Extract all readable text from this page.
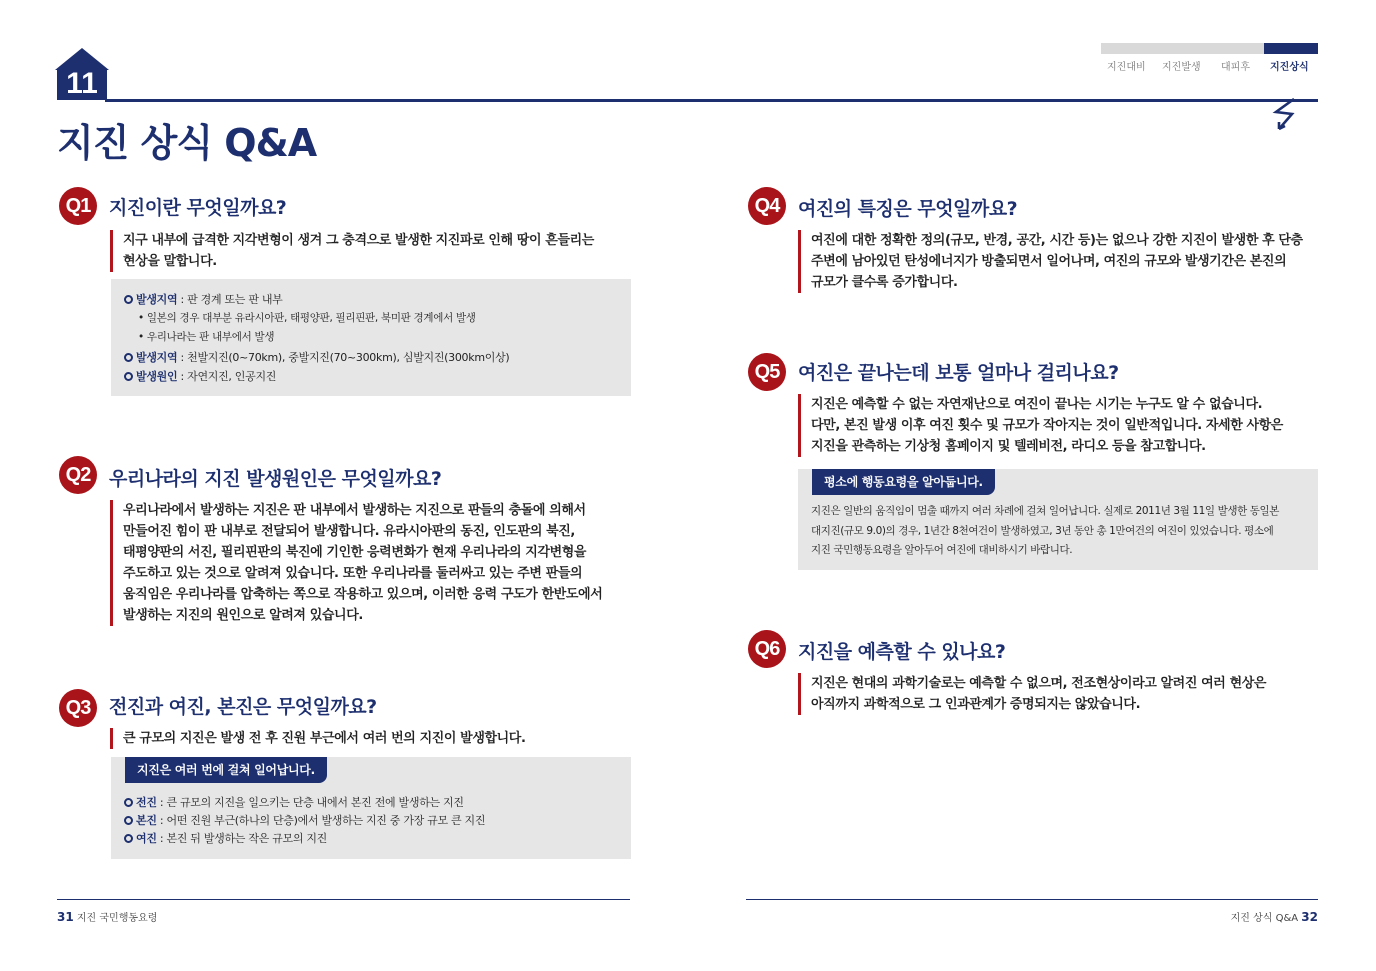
11
지진 상식 Q&A
지진대비 지진발생 대피후 지진상식
Q1 지진이란 무엇일까요?

지구 내부에 급격한 지각변형이 생겨 그 충격으로 발생한 지진파로 인해 땅이 흔들리는

현상을 말합니다.

발생지역 : 판 경계 또는 판 내부
• 일본의 경우 대부분 유라시아판, 태평양판, 필리핀판, 북미판 경계에서 발생
• 우리나라는 판 내부에서 발생
발생지역 : 천발지진(0~70km), 중발지진(70~300km), 심발지진(300km이상)
발생원인 : 자연지진, 인공지진
Q2 우리나라의 지진 발생원인은 무엇일까요?

우리나라에서 발생하는 지진은 판 내부에서 발생하는 지진으로 판들의 충돌에 의해서

만들어진 힘이 판 내부로 전달되어 발생합니다. 유라시아판의 동진, 인도판의 북진,

태평양판의 서진, 필리핀판의 북진에 기인한 응력변화가 현재 우리나라의 지각변형을

주도하고 있는 것으로 알려져 있습니다. 또한 우리나라를 둘러싸고 있는 주변 판들의

움직임은 우리나라를 압축하는 쪽으로 작용하고 있으며, 이러한 응력 구도가 한반도에서

발생하는 지진의 원인으로 알려져 있습니다.

Q3 전진과 여진, 본진은 무엇일까요?

큰 규모의 지진은 발생 전 후 진원 부근에서 여러 번의 지진이 발생합니다.

지진은 여러 번에 걸쳐 일어납니다.
전진 : 큰 규모의 지진을 일으키는 단층 내에서 본진 전에 발생하는 지진
본진 : 어떤 진원 부근(하나의 단층)에서 발생하는 지진 중 가장 규모 큰 지진
여진 : 본진 뒤 발생하는 작은 규모의 지진
Q4 여진의 특징은 무엇일까요?

여진에 대한 정확한 정의(규모, 반경, 공간, 시간 등)는 없으나 강한 지진이 발생한 후 단층

주변에 남아있던 탄성에너지가 방출되면서 일어나며, 여진의 규모와 발생기간은 본진의

규모가 클수록 증가합니다.

Q5 여진은 끝나는데 보통 얼마나 걸리나요?

지진은 예측할 수 없는 자연재난으로 여진이 끝나는 시기는 누구도 알 수 없습니다.

다만, 본진 발생 이후 여진 횟수 및 규모가 작아지는 것이 일반적입니다. 자세한 사항은

지진을 관측하는 기상청 홈페이지 및 텔레비전, 라디오 등을 참고합니다.

평소에 행동요령을 알아둡니다.

지진은 일반의 움직임이 멈출 때까지 여러 차례에 걸쳐 일어납니다. 실제로 2011년 3월 11일 발생한 동일본

대지진(규모 9.0)의 경우, 1년간 8천여건이 발생하였고, 3년 동안 총 1만여건의 여진이 있었습니다. 평소에

지진 국민행동요령을 알아두어 여진에 대비하시기 바랍니다.

Q6 지진을 예측할 수 있나요?

지진은 현대의 과학기술로는 예측할 수 없으며, 전조현상이라고 알려진 여러 현상은

아직까지 과학적으로 그 인과관계가 증명되지는 않았습니다.

31 지진 국민행동요령	지진 상식 Q&A 32
